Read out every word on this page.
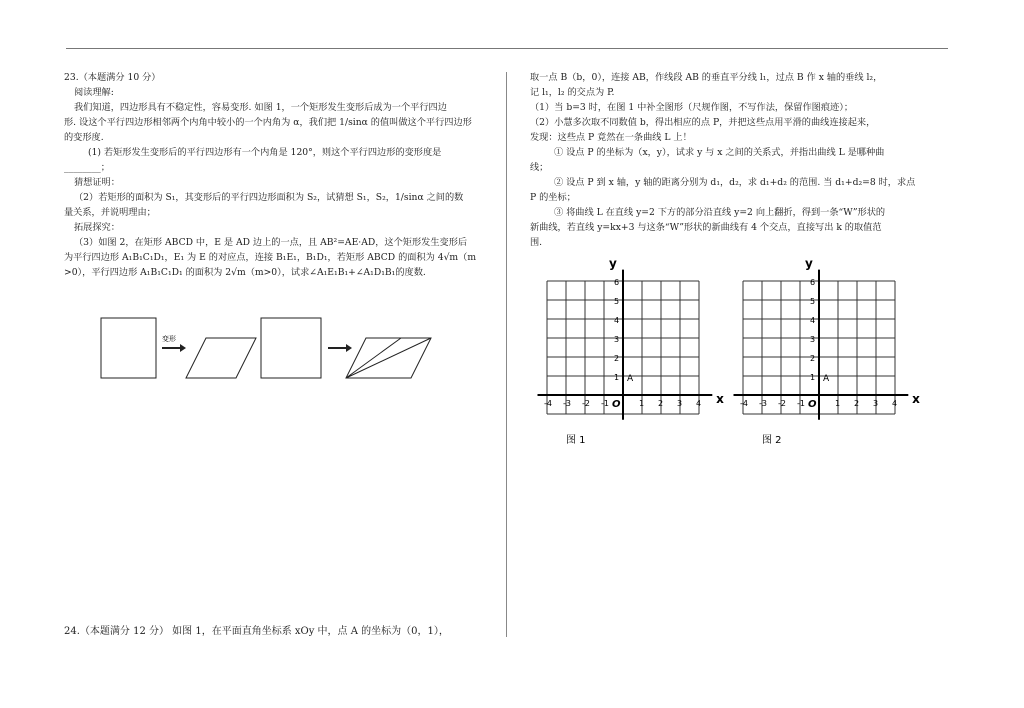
23.（本题满分 10 分）

阅读理解:

我们知道，四边形具有不稳定性，容易变形. 如图 1，一个矩形发生变形后成为一个平行四边

形. 设这个平行四边形相邻两个内角中较小的一个内角为 α，我们把 1/sinα 的值叫做这个平行四边形

的变形度.

(1) 若矩形发生变形后的平行四边形有一个内角是 120°，则这个平行四边形的变形度是

________；

猜想证明：

（2）若矩形的面积为 S₁，其变形后的平行四边形面积为 S₂，试猜想 S₁，S₂，1/sinα 之间的数

量关系，并说明理由；

拓展探究：

（3）如图 2，在矩形 ABCD 中，E 是 AD 边上的一点，且 AB²=AE·AD，这个矩形发生变形后

为平行四边形 A₁B₁C₁D₁，E₁ 为 E 的对应点，连接 B₁E₁，B₁D₁，若矩形 ABCD 的面积为 4√m（m

>0），平行四边形 A₁B₁C₁D₁ 的面积为 2√m（m>0），试求∠A₁E₁B₁+∠A₁D₁B₁的度数.

变形
24.（本题满分 12 分） 如图 1，在平面直角坐标系 xOy 中，点 A 的坐标为（0，1），

取一点 B（b，0），连接 AB，作线段 AB 的垂直平分线 l₁，过点 B 作 x 轴的垂线 l₂，

记 l₁，l₂ 的交点为 P.

（1）当 b=3 时，在图 1 中补全图形（尺规作图，不写作法，保留作图痕迹）；

（2）小慧多次取不同数值 b，得出相应的点 P，并把这些点用平滑的曲线连接起来，

发现：这些点 P 竟然在一条曲线 L 上！

① 设点 P 的坐标为（x，y），试求 y 与 x 之间的关系式，并指出曲线 L 是哪种曲

线；

② 设点 P 到 x 轴，y 轴的距离分别为 d₁，d₂，求 d₁+d₂ 的范围. 当 d₁+d₂=8 时，求点

P 的坐标；

③ 将曲线 L 在直线 y=2 下方的部分沿直线 y=2 向上翻折，得到一条“W”形状的

新曲线，若直线 y=kx+3 与这条“W”形状的新曲线有 4 个交点，直接写出 k 的取值范

围.

x
y
O
A
-4 -3 -2 -1	1 2 3 4
1
2
3
4
5
6
图 1
x
y
O
A
-4 -3 -2 -1	1 2 3 4
1
2
3
4
5
6
图 2
